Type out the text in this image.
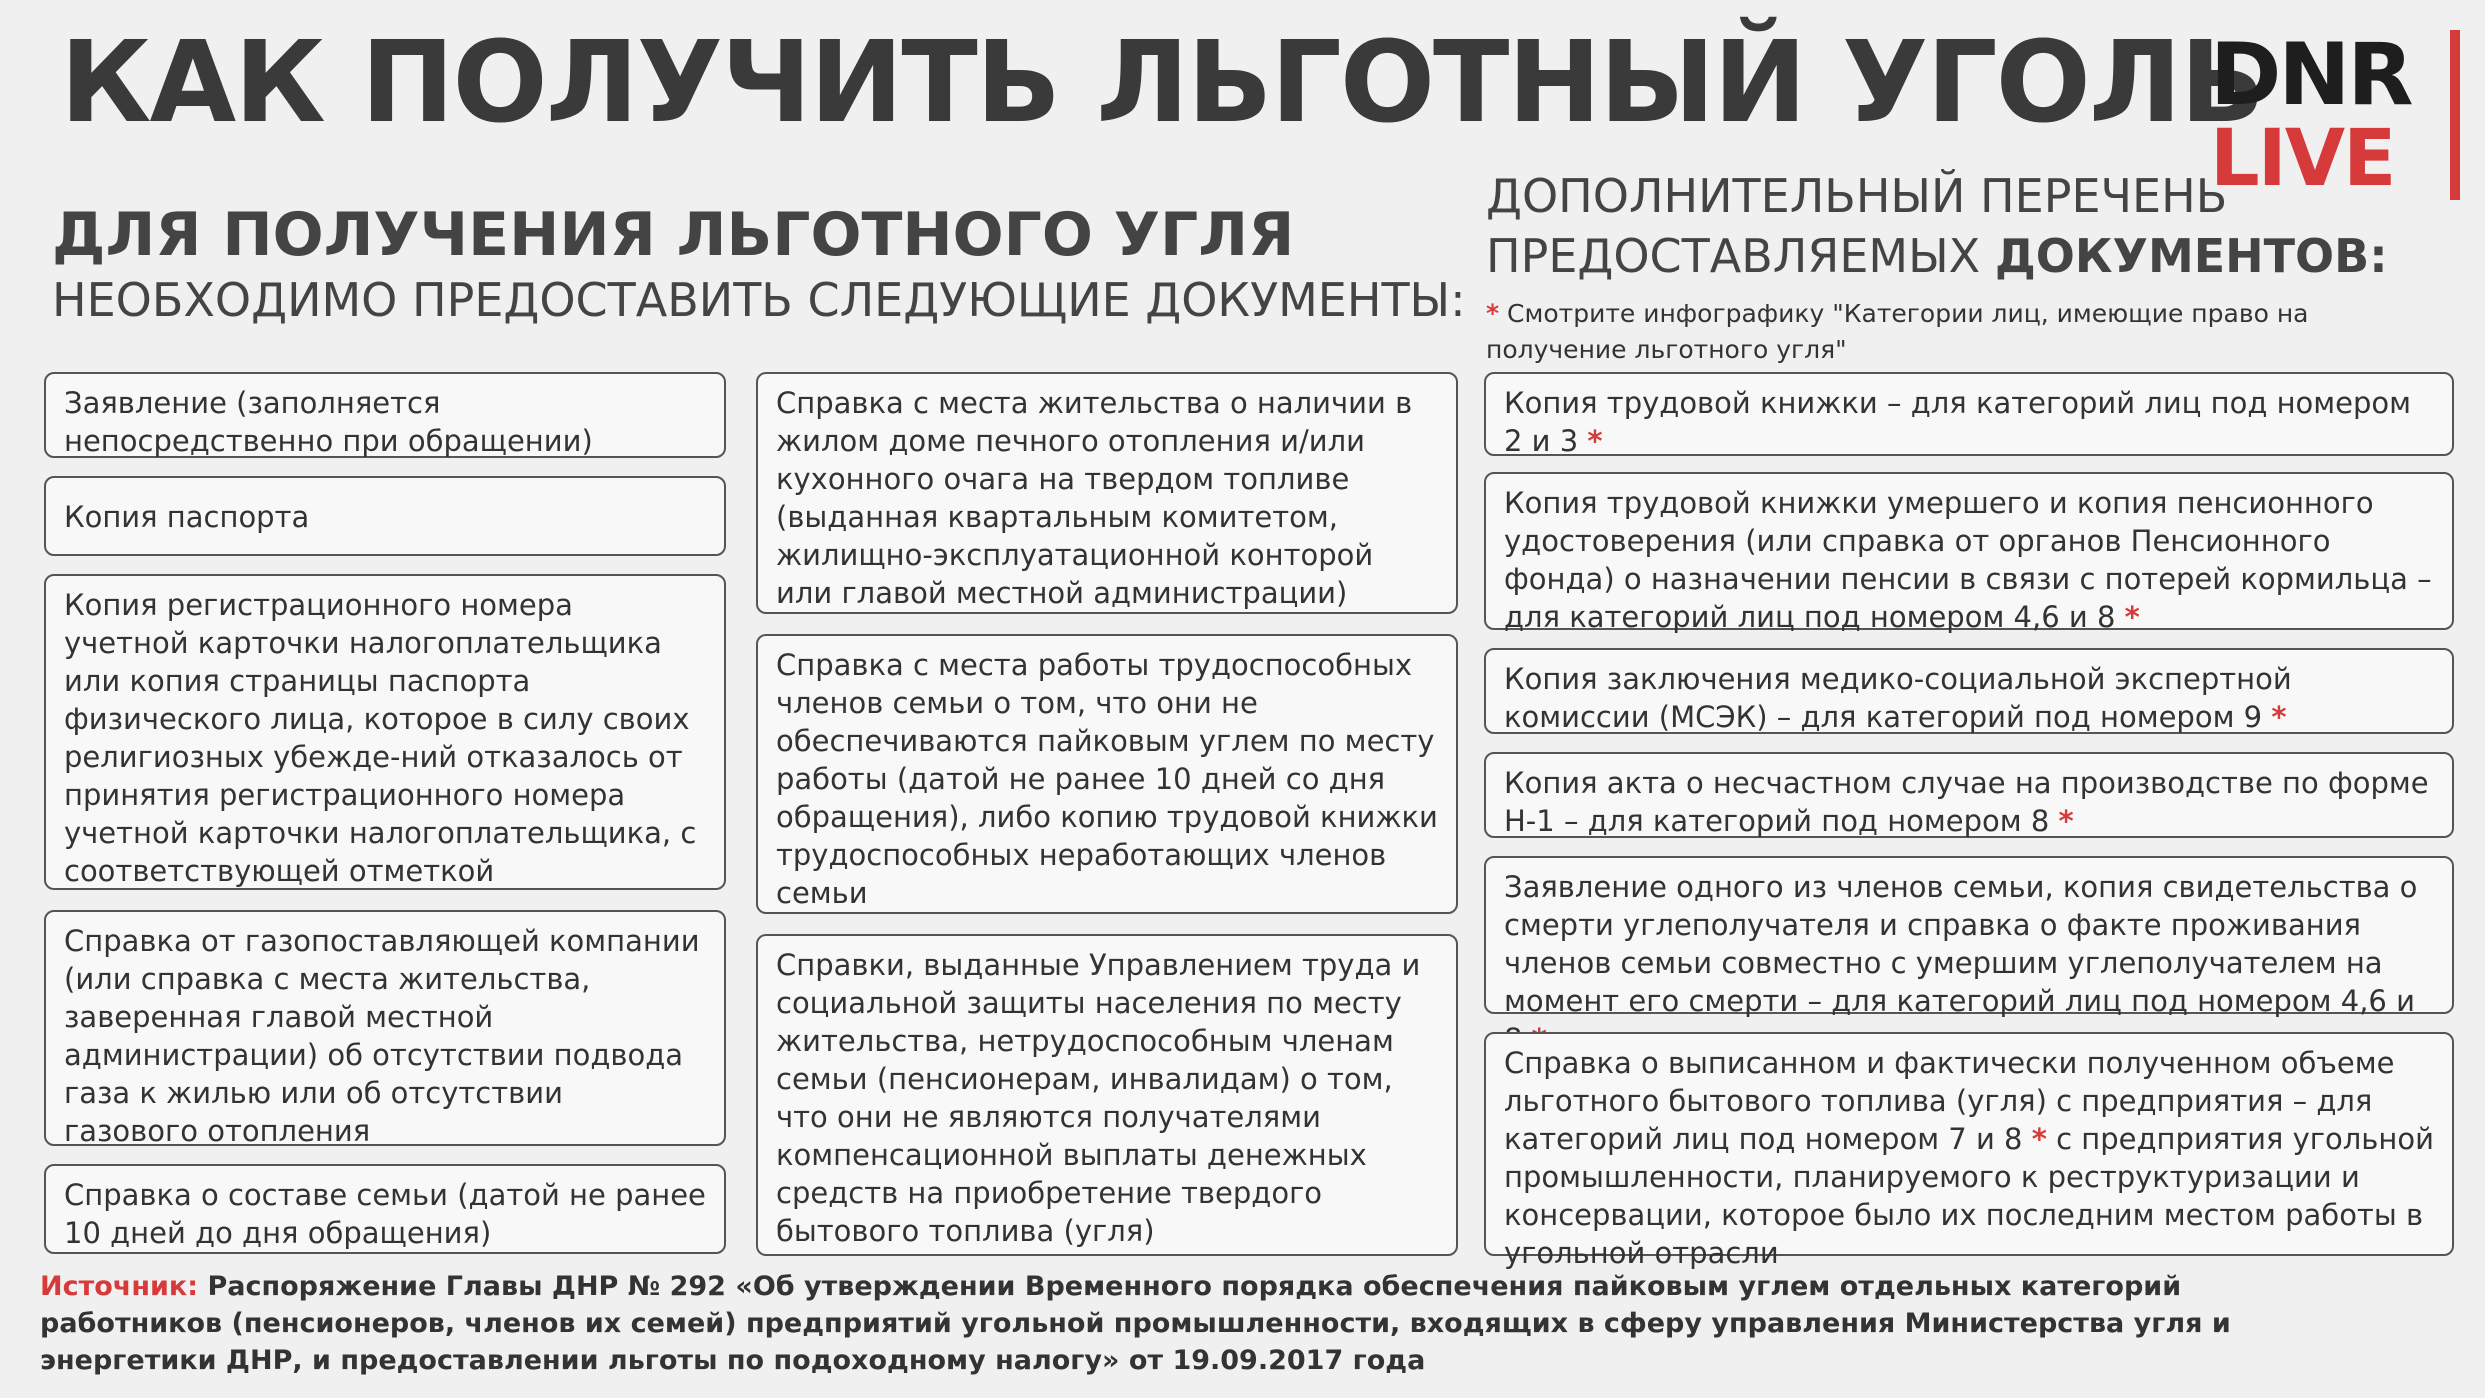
КАК ПОЛУЧИТЬ ЛЬГОТНЫЙ УГОЛЬ
DNR
LIVE
ДЛЯ ПОЛУЧЕНИЯ ЛЬГОТНОГО УГЛЯ
НЕОБХОДИМО ПРЕДОСТАВИТЬ СЛЕДУЮЩИЕ ДОКУМЕНТЫ:
ДОПОЛНИТЕЛЬНЫЙ ПЕРЕЧЕНЬ
ПРЕДОСТАВЛЯЕМЫХ ДОКУМЕНТОВ:
* Смотрите инфографику "Категории лиц, имеющие право на получение льготного угля"
Заявление (заполняется непосредственно при обращении)
Копия паспорта
Копия регистрационного номера учетной карточки налогоплательщика или копия страницы паспорта физического лица, которое в силу своих религиозных убежде-ний отказалось от принятия регистрационного номера учетной карточки налогоплательщика, с соответствующей отметкой
Справка от газопоставляющей компании (или справка с места жительства, заверенная главой местной администрации) об отсутствии подвода газа к жилью или об отсутствии газового отопления
Справка о составе семьи (датой не ранее 10 дней до дня обращения)
Справка с места жительства о наличии в жилом доме печного отопления и/или кухонного очага на твердом топливе (выданная квартальным комитетом, жилищно-эксплуатационной конторой или главой местной администрации)
Справка с места работы трудоспособных членов семьи о том, что они не обеспечиваются пайковым углем по месту работы (датой не ранее 10 дней со дня обращения), либо копию трудовой книжки трудоспособных неработающих членов семьи
Справки, выданные Управлением труда и социальной защиты населения по месту жительства, нетрудоспособным членам семьи (пенсионерам, инвалидам) о том, что они не являются получателями компенсационной выплаты денежных средств на приобретение твердого бытового топлива (угля)
Копия трудовой книжки – для категорий лиц под номером 2 и 3 *
Копия трудовой книжки умершего и копия пенсионного удостоверения (или справка от органов Пенсионного фонда) о назначении пенсии в связи с потерей кормильца – для категорий лиц под номером 4,6 и 8 *
Копия заключения медико-социальной экспертной комиссии (МСЭК) – для категорий под номером 9 *
Копия акта о несчастном случае на производстве по форме Н-1 – для категорий под номером 8 *
Заявление одного из членов семьи, копия свидетельства о смерти углеполучателя и справка о факте проживания членов семьи совместно с умершим углеполучателем на момент его смерти – для категорий лиц под номером 4,6 и
Справка о выписанном и фактически полученном объеме льготного бытового топлива (угля) с предприятия – для категорий лиц под номером 7 и 8 * с предприятия угольной промышленности, планируемого к реструктуризации и консервации, которое было их последним местом работы в угольной отрасли
Источник: Распоряжение Главы ДНР № 292 «Об утверждении Временного порядка обеспечения пайковым углем отдельных категорий работников (пенсионеров, членов их семей) предприятий угольной промышленности, входящих в сферу управления Министерства угля и энергетики ДНР, и предоставлении льготы по подоходному налогу» от 19.09.2017 года
